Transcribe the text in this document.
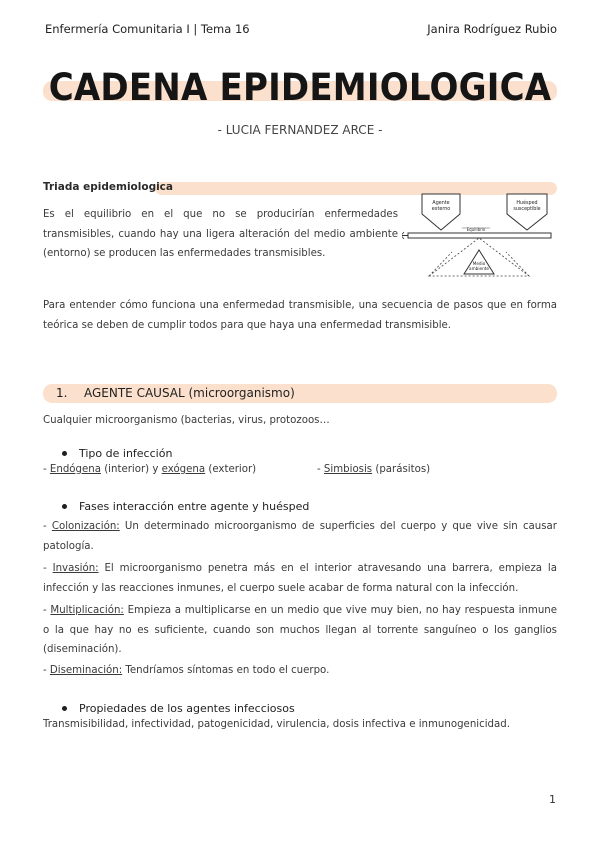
Enfermería Comunitaria I | Tema 16	Janira Rodríguez Rubio
CADENA EPIDEMIOLOGICA
- LUCIA FERNANDEZ ARCE -
Triada epidemiologica
Es el equilibrio en el que no se producirían enfermedades transmisibles, cuando hay una ligera alteración del medio ambiente (entorno) se producen las enfermedades transmisibles.
Agente
externo
Huésped
susceptible
Equilibrio
Medio
ambiente
Para entender cómo funciona una enfermedad transmisible, una secuencia de pasos que en forma teórica se deben de cumplir todos para que haya una enfermedad transmisible.
1. AGENTE CAUSAL (microorganismo)
Cualquier microorganismo (bacterias, virus, protozoos…
Tipo de infección
- Endógena (interior) y exógena (exterior)	- Simbiosis (parásitos)
Fases interacción entre agente y huésped
- Colonización: Un determinado microorganismo de superficies del cuerpo y que vive sin causar patología.
- Invasión: El microorganismo penetra más en el interior atravesando una barrera, empieza la infección y las reacciones inmunes, el cuerpo suele acabar de forma natural con la infección.
- Multiplicación: Empieza a multiplicarse en un medio que vive muy bien, no hay respuesta inmune o la que hay no es suficiente, cuando son muchos llegan al torrente sanguíneo o los ganglios (diseminación).
- Diseminación: Tendríamos síntomas en todo el cuerpo.
Propiedades de los agentes infecciosos
Transmisibilidad, infectividad, patogenicidad, virulencia, dosis infectiva e inmunogenicidad.
1
